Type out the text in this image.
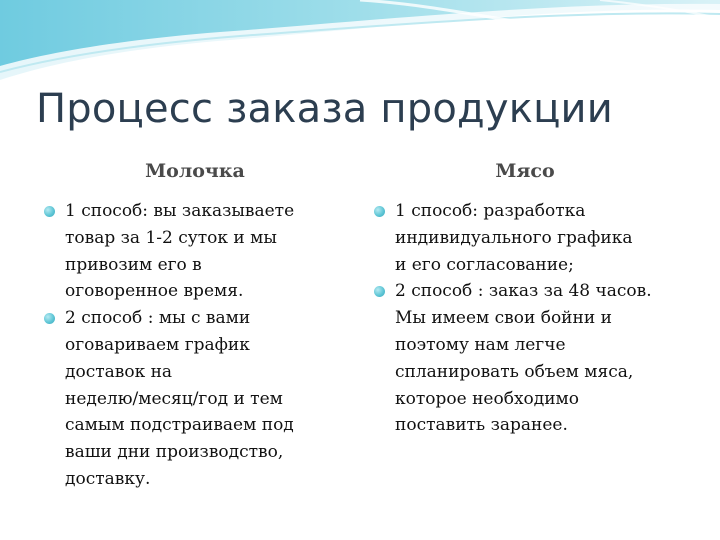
Процесс заказа продукции
Молочка	Мясо
1 способ: вы заказываете
товар за 1-2 суток и мы
привозим его в
оговоренное время.
2 способ : мы с вами
оговариваем график
доставок на
неделю/месяц/год и тем
самым подстраиваем под
ваши дни производство,
доставку.
1 способ: разработка
индивидуального графика
и его согласование;
2 способ : заказ за 48 часов.
Мы имеем свои бойни и
поэтому нам легче
спланировать объем мяса,
которое необходимо
поставить заранее.
